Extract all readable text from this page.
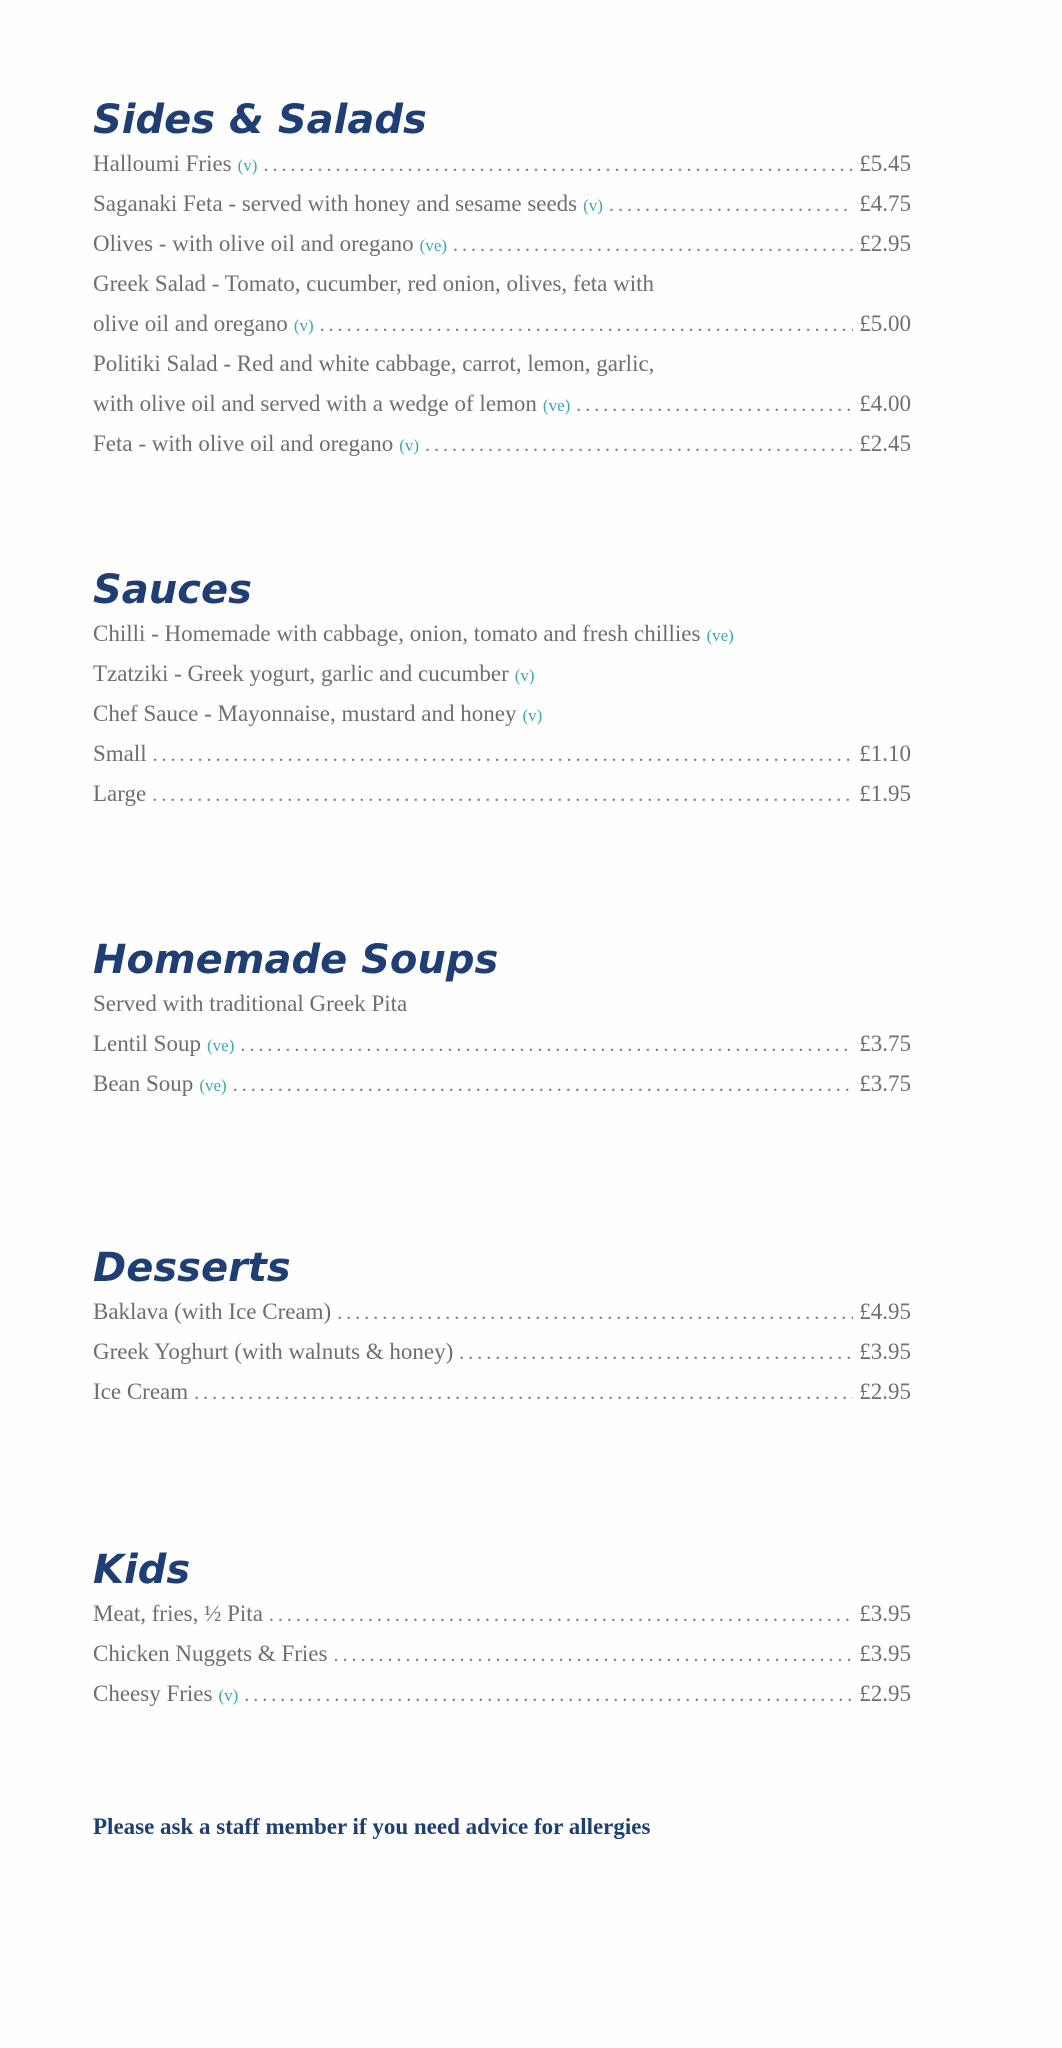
Sides & Salads
Halloumi Fries (v) .....	£5.45
Saganaki Feta - served with honey and sesame seeds (v) .....	£4.75
Olives - with olive oil and oregano (ve) .....	£2.95
Greek Salad - Tomato, cucumber, red onion, olives, feta with
olive oil and oregano (v) .....	£5.00
Politiki Salad - Red and white cabbage, carrot, lemon, garlic,
with olive oil and served with a wedge of lemon (ve) .....	£4.00
Feta - with olive oil and oregano (v) .....	£2.45
Sauces
Chilli - Homemade with cabbage, onion, tomato and fresh chillies (ve)
Tzatziki - Greek yogurt, garlic and cucumber (v)
Chef Sauce - Mayonnaise, mustard and honey (v)
Small .....	£1.10
Large .....	£1.95
Homemade Soups
Served with traditional Greek Pita
Lentil Soup (ve) .....	£3.75
Bean Soup (ve) .....	£3.75
Desserts
Baklava (with Ice Cream) .....	£4.95
Greek Yoghurt (with walnuts & honey) .....	£3.95
Ice Cream .....	£2.95
Kids
Meat, fries, ½ Pita .....	£3.95
Chicken Nuggets & Fries .....	£3.95
Cheesy Fries (v) .....	£2.95
Please ask a staff member if you need advice for allergies
